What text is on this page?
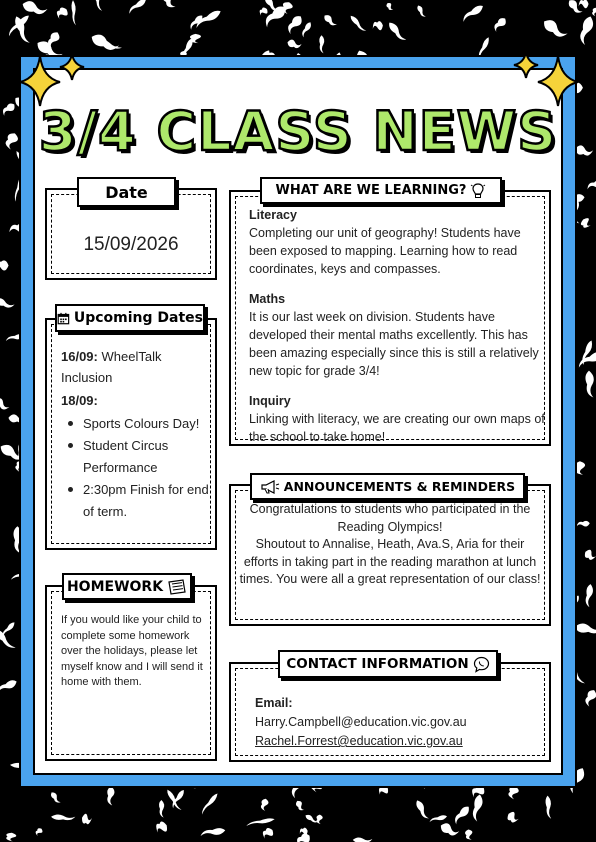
3/4 CLASS NEWS
15/09/2026
Date
16/09: WheelTalk Inclusion
18/09:
Sports Colours Day!
Student Circus Performance
2:30pm Finish for end of term.
Upcoming Dates
If you would like your child to complete some homework over the holidays, please let myself know and I will send it home with them.
HOMEWORK
Literacy
Completing our unit of geography! Students have been exposed to mapping. Learning how to read coordinates, keys and compasses.
Maths
It is our last week on division. Students have developed their mental maths excellently. This has been amazing especially since this is still a relatively new topic for grade 3/4!
Inquiry
Linking with literacy, we are creating our own maps of the school to take home!
WHAT ARE WE LEARNING?
Congratulations to students who participated in the Reading Olympics!
Shoutout to Annalise, Heath, Ava.S, Aria for their efforts in taking part in the reading marathon at lunch times. You were all a great representation of our class!
ANNOUNCEMENTS & REMINDERS
Email:
Harry.Campbell@education.vic.gov.au
Rachel.Forrest@education.vic.gov.au
CONTACT INFORMATION
